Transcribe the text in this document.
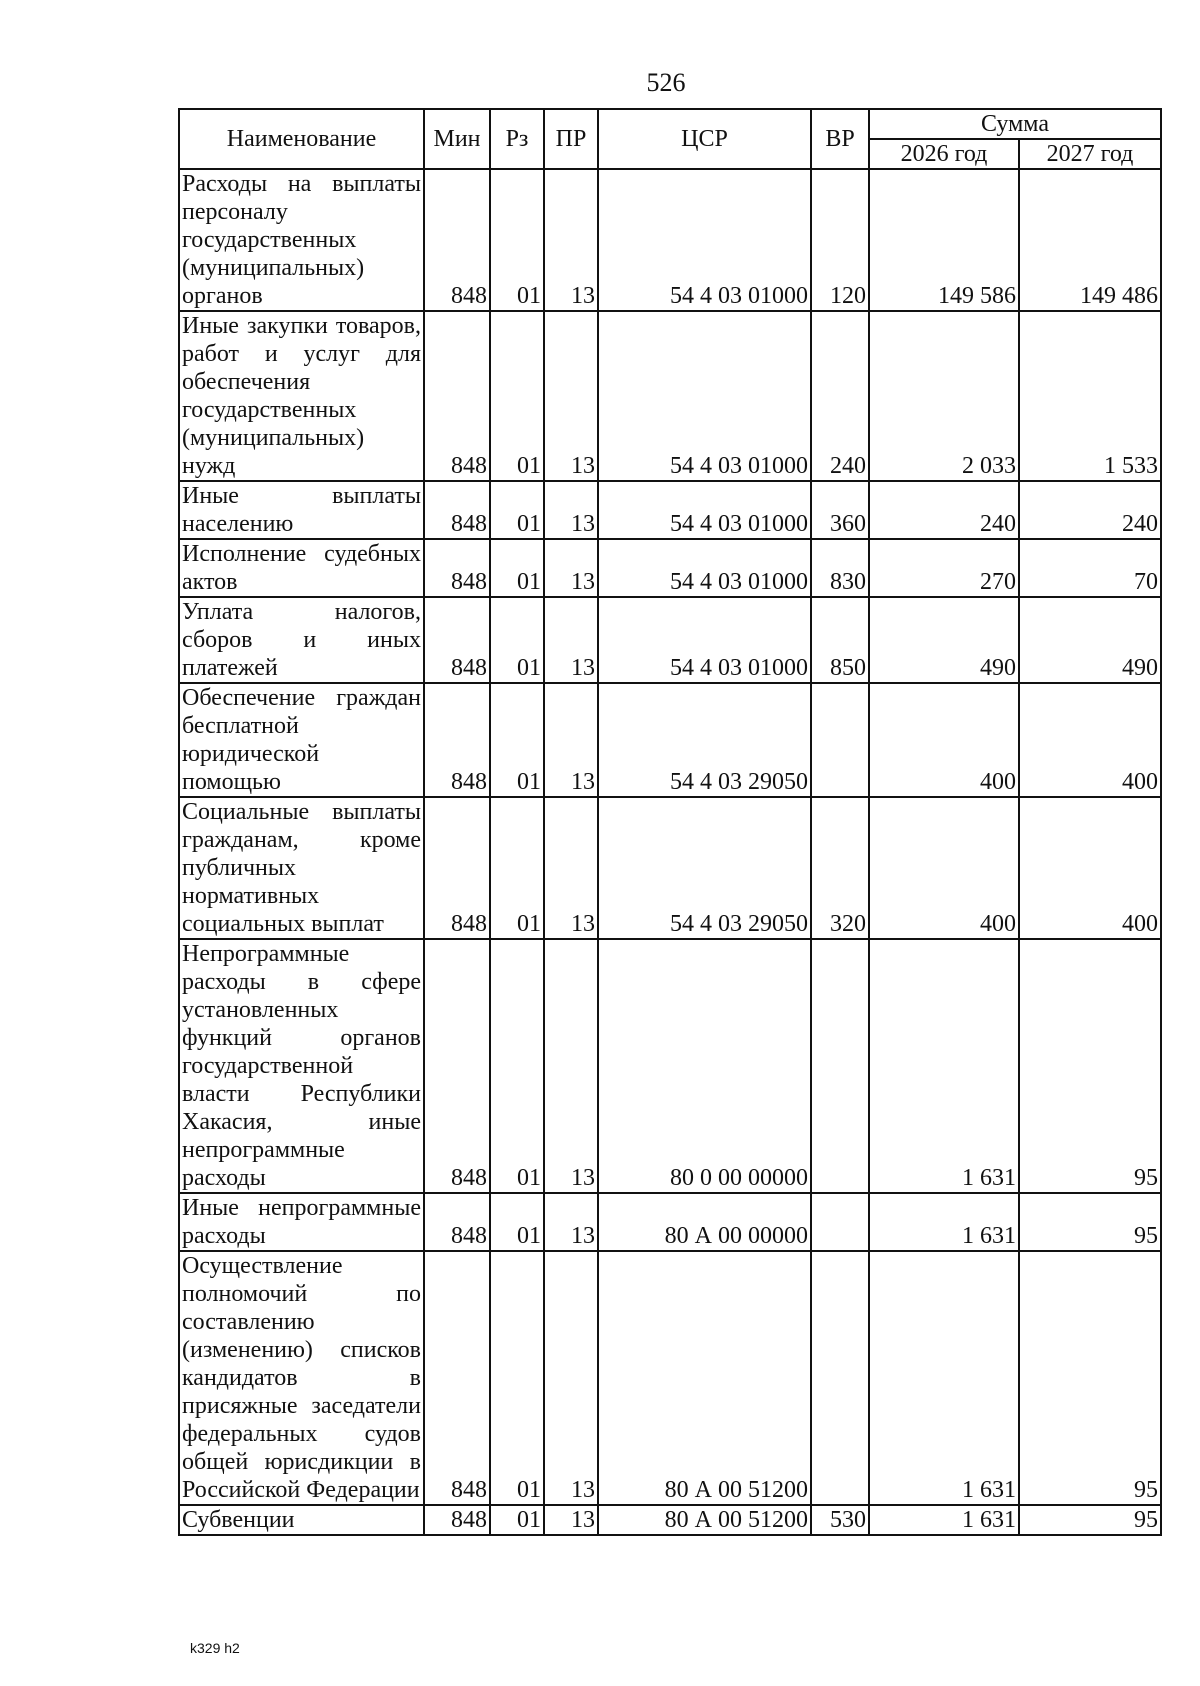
526
Наименование	Мин	Рз	ПР	ЦСР	ВР	Сумма	
						2026 год	2027 год
Расходы на выплаты персоналу государственных (муниципальных) органов	848	01	13	54 4 03 01000	120	149 586	149 486
Иные закупки товаров, работ и услуг для обеспечения государственных (муниципальных) нужд	848	01	13	54 4 03 01000	240	2 033	1 533
Иные выплаты населению	848	01	13	54 4 03 01000	360	240	240
Исполнение судебных актов	848	01	13	54 4 03 01000	830	270	70
Уплата налогов, сборов и иных платежей	848	01	13	54 4 03 01000	850	490	490
Обеспечение граждан бесплатной юридической помощью	848	01	13	54 4 03 29050		400	400
Социальные выплаты гражданам, кроме публичных нормативных социальных выплат	848	01	13	54 4 03 29050	320	400	400
Непрограммные расходы в сфере установленных функций органов государственной власти Республики Хакасия, иные непрограммные расходы	848	01	13	80 0 00 00000		1 631	95
Иные непрограммные расходы	848	01	13	80 А 00 00000		1 631	95
Осуществление полномочий по составлению (изменению) списков кандидатов в присяжные заседатели федеральных судов общей юрисдикции в Российской Федерации	848	01	13	80 А 00 51200		1 631	95
Субвенции	848	01	13	80 А 00 51200	530	1 631	95
k329 h2
